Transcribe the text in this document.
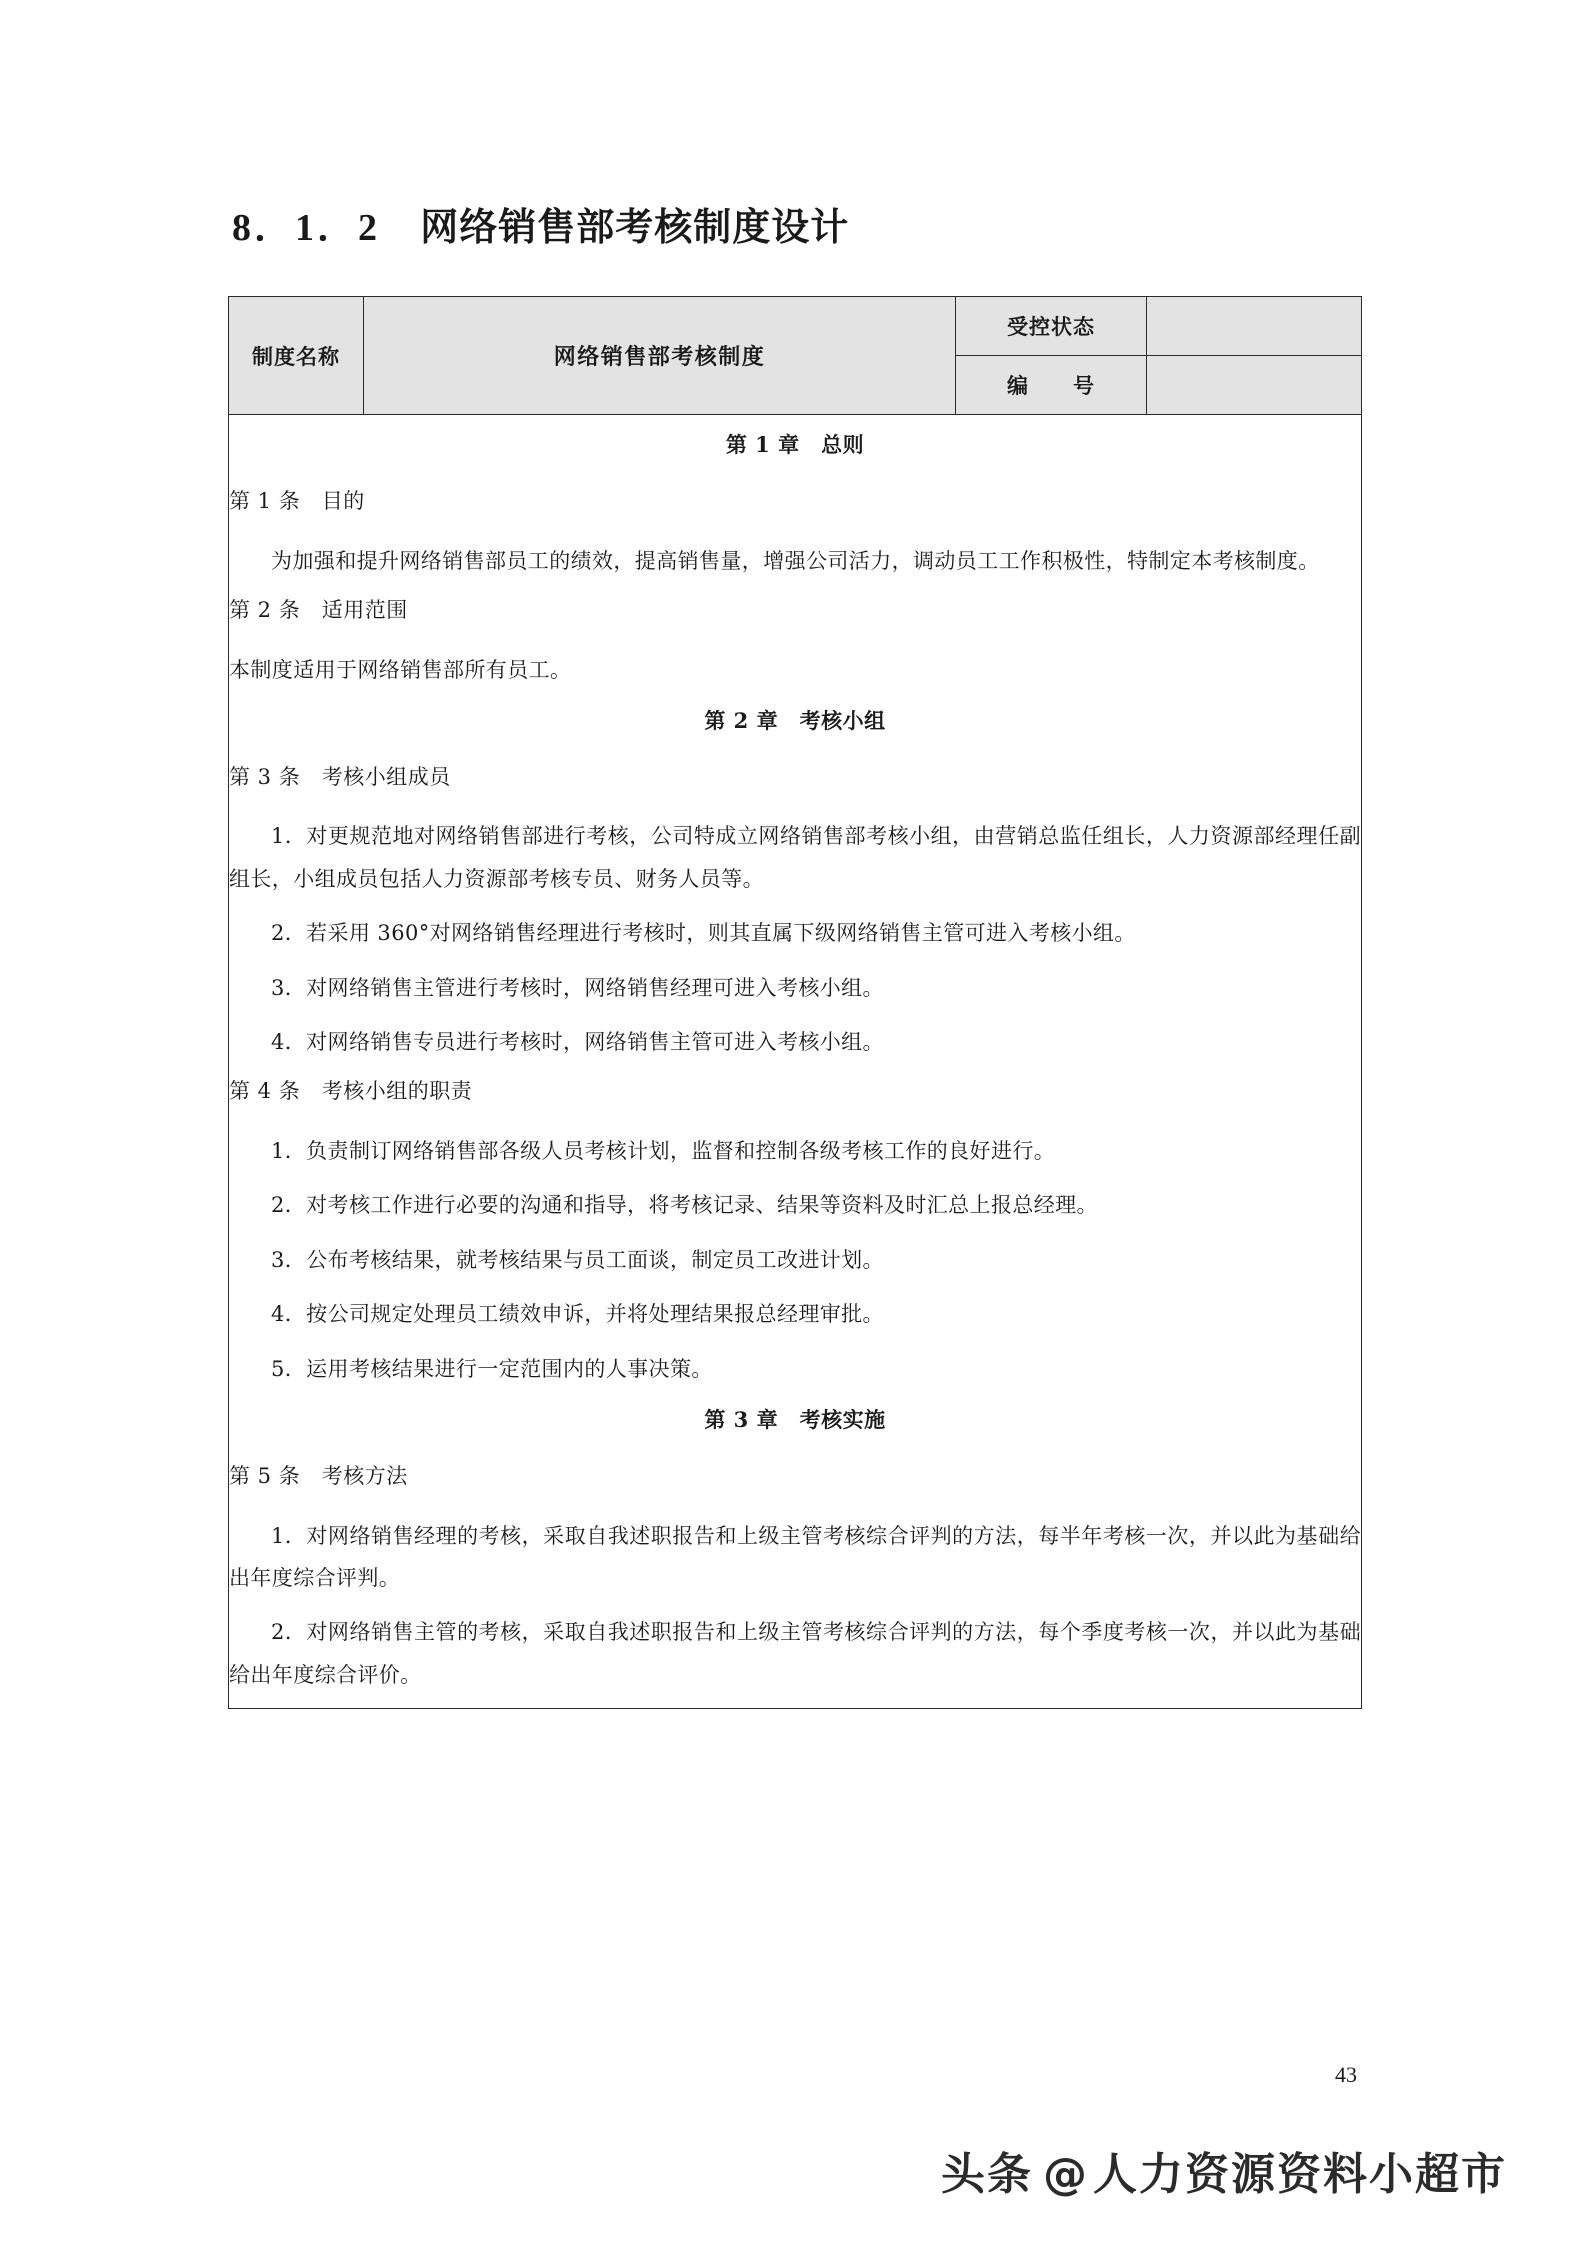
8．1．2 网络销售部考核制度设计
制度名称	网络销售部考核制度	受控状态	
		编　　号	

第 1 章　总则
第 1 条　目的
为加强和提升网络销售部员工的绩效，提高销售量，增强公司活力，调动员工工作积极性，特制定本考核制度。
第 2 条　适用范围
本制度适用于网络销售部所有员工。
第 2 章　考核小组
第 3 条　考核小组成员
1．对更规范地对网络销售部进行考核，公司特成立网络销售部考核小组，由营销总监任组长，人力资源部经理任副组长，小组成员包括人力资源部考核专员、财务人员等。
2．若采用 360°对网络销售经理进行考核时，则其直属下级网络销售主管可进入考核小组。
3．对网络销售主管进行考核时，网络销售经理可进入考核小组。
4．对网络销售专员进行考核时，网络销售主管可进入考核小组。
第 4 条　考核小组的职责
1．负责制订网络销售部各级人员考核计划，监督和控制各级考核工作的良好进行。
2．对考核工作进行必要的沟通和指导，将考核记录、结果等资料及时汇总上报总经理。
3．公布考核结果，就考核结果与员工面谈，制定员工改进计划。
4．按公司规定处理员工绩效申诉，并将处理结果报总经理审批。
5．运用考核结果进行一定范围内的人事决策。
第 3 章　考核实施
第 5 条　考核方法
1．对网络销售经理的考核，采取自我述职报告和上级主管考核综合评判的方法，每半年考核一次，并以此为基础给出年度综合评判。
2．对网络销售主管的考核，采取自我述职报告和上级主管考核综合评判的方法，每个季度考核一次，并以此为基础给出年度综合评价。
43
头条 @人力资源资料小超市
